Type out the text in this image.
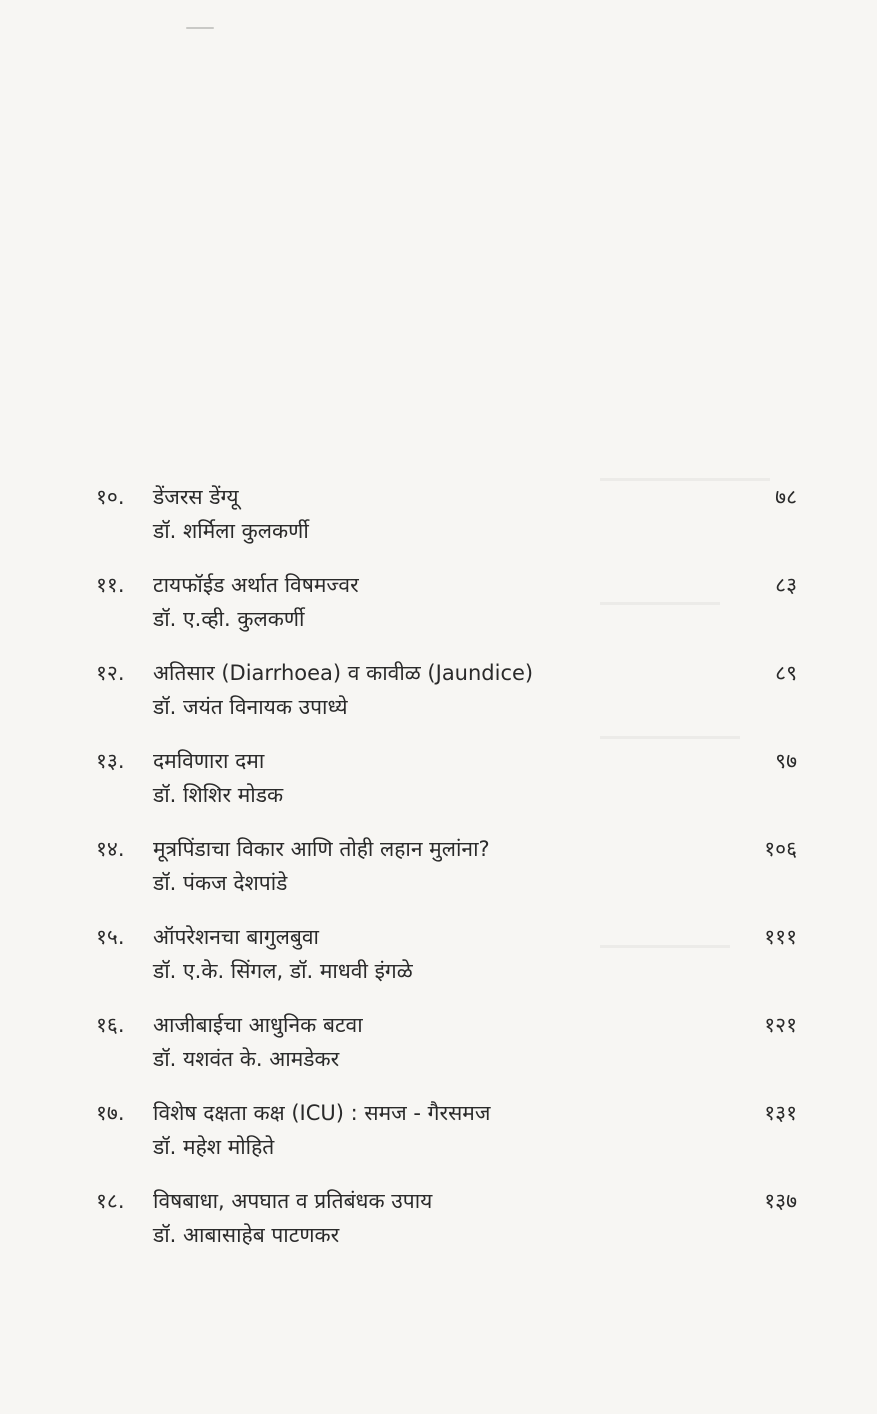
१०. डेंजरस डेंग्यू
डॉ. शर्मिला कुलकर्णी
७८
११. टायफॉईड अर्थात विषमज्वर
डॉ. ए.व्ही. कुलकर्णी
८३
१२. अतिसार (Diarrhoea) व कावीळ (Jaundice)
डॉ. जयंत विनायक उपाध्ये
८९
१३. दमविणारा दमा
डॉ. शिशिर मोडक
९७
१४. मूत्रपिंडाचा विकार आणि तोही लहान मुलांना?
डॉ. पंकज देशपांडे
१०६
१५. ऑपरेशनचा बागुलबुवा
डॉ. ए.के. सिंगल, डॉ. माधवी इंगळे
१११
१६. आजीबाईचा आधुनिक बटवा
डॉ. यशवंत के. आमडेकर
१२१
१७. विशेष दक्षता कक्ष (ICU) : समज - गैरसमज
डॉ. महेश मोहिते
१३१
१८. विषबाधा, अपघात व प्रतिबंधक उपाय
डॉ. आबासाहेब पाटणकर
१३७
